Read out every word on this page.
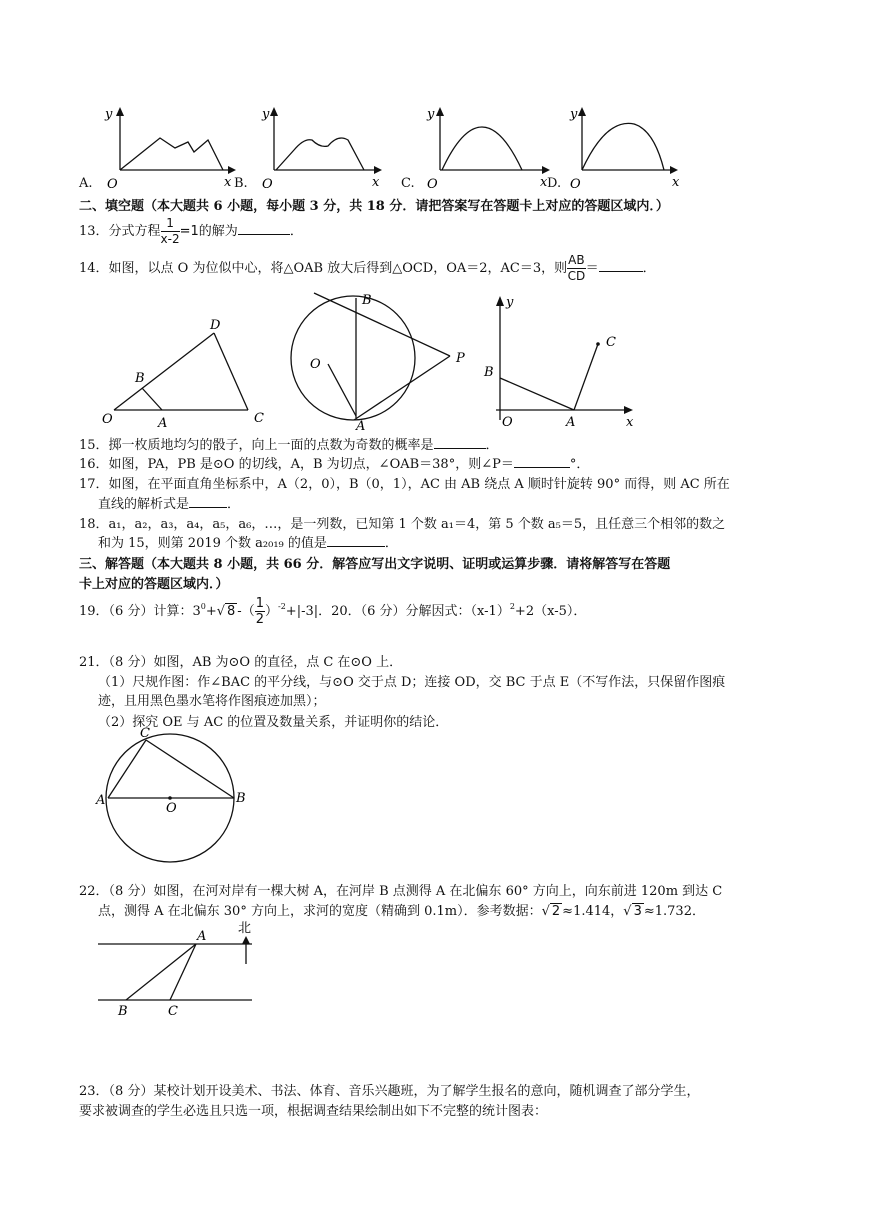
A.
y
x
O	B.
y
x
O	C.
y
x
O	D.
y
x
O
二、填空题（本大题共 6 小题，每小题 3 分，共 18 分．请把答案写在答题卡上对应的答题区域内．）
13．分式方程 $\frac{1}{x-2} =1$的解为	．
14．如图，以点 O 为位似中心，将△OAB 放大后得到△OCD，OA＝2，AC＝3，则 $\frac{AB}{CD}$ ＝	．
O	A
B
C
D
O
A
B
P
y
x
O	A
B
C
15．掷一枚质地均匀的骰子，向上一面的点数为奇数的概率是	．
16．如图，PA，PB 是⊙O 的切线，A，B 为切点，∠OAB＝38°，则∠P＝	°．
17．如图，在平面直角坐标系中，A（2，0），B（0，1），AC 由 AB 绕点 A 顺时针旋转 90° 而得，则 AC 所在
直线的解析式是	．
18．a₁，a₂，a₃，a₄，a₅，a₆，…，是一列数，已知第 1 个数 a₁＝4，第 5 个数 a₅＝5，且任意三个相邻的数之
和为 15，则第 2019 个数 a₂₀₁₉ 的值是	．
三、解答题（本大题共 8 小题，共 66 分．解答应写出文字说明、证明或运算步骤．请将解答写在答题
卡上对应的答题区域内．）
19．（6 分）计算：$3^0+√$ 8 -（ $\frac{1}{2} )^{-2}+|-3|$．20．（6 分）分解因式：$(x-1)^2+2(x-5)$．
21．（8 分）如图，AB 为⊙O 的直径，点 C 在⊙O 上．
（1）尺规作图：作∠BAC 的平分线，与⊙O 交于点 D；连接 OD，交 BC 于点 E（不写作法，只保留作图痕
迹，且用黑色墨水笔将作图痕迹加黑）；
（2）探究 OE 与 AC 的位置及数量关系，并证明你的结论．
A	B
C
O
22．（8 分）如图，在河对岸有一棵大树 A，在河岸 B 点测得 A 在北偏东 60° 方向上，向东前进 120m 到达 C
点，测得 A 在北偏东 30° 方向上，求河的宽度（精确到 0.1m）．参考数据：√ 2 ≈1.414，√ 3 ≈1.732．
A
B	C
北
23．（8 分）某校计划开设美术、书法、体育、音乐兴趣班，为了解学生报名的意向，随机调查了部分学生，
要求被调查的学生必选且只选一项，根据调查结果绘制出如下不完整的统计图表：
